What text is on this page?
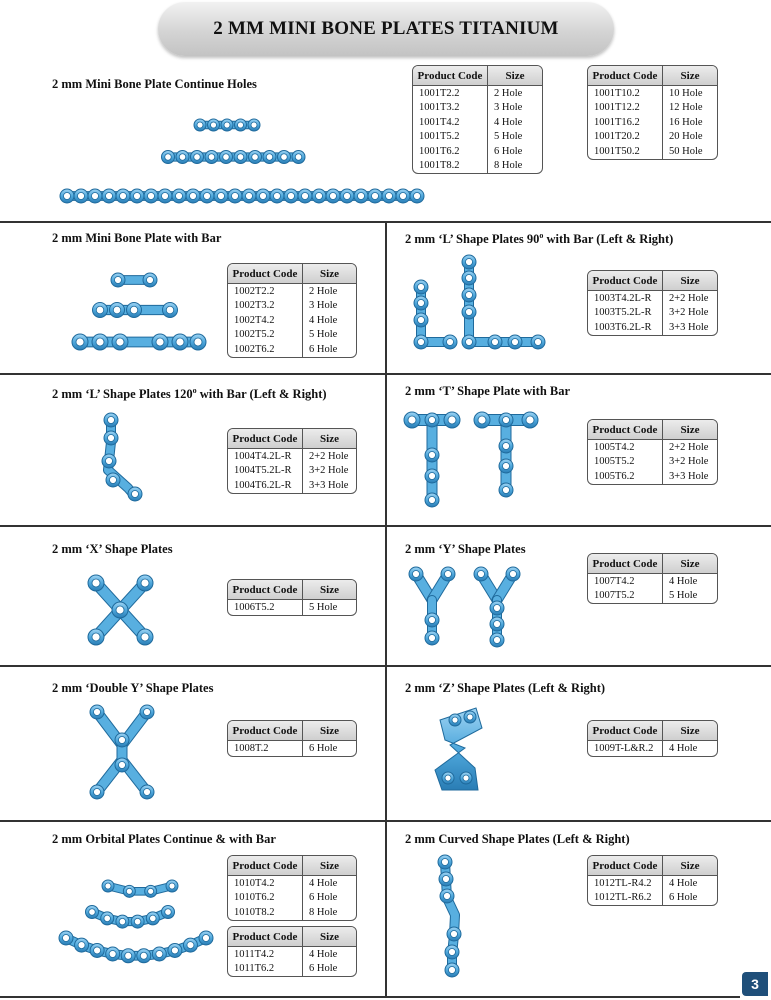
2 MM MINI BONE PLATES TITANIUM
2 mm Mini Bone Plate Continue Holes
2 mm Mini Bone Plate with Bar	2 mm ‘L’ Shape Plates 90$^o$ with Bar (Left & Right)
2 mm ‘L’ Shape Plates 120$^o$ with Bar (Left & Right)	2 mm ‘T’ Shape Plate with Bar
2 mm ‘X’ Shape Plates	2 mm ‘Y’ Shape Plates
2 mm ‘Double Y’ Shape Plates	2 mm ‘Z’ Shape Plates (Left & Right)
2 mm Orbital Plates Continue & with Bar	2 mm Curved Shape Plates (Left & Right)
Product Code	Size
1001T2.2	2 Hole
1001T3.2	3 Hole
1001T4.2	4 Hole
1001T5.2	5 Hole
1001T6.2	6 Hole
1001T8.2	8 Hole
Product Code	Size
1001T10.2	10 Hole
1001T12.2	12 Hole
1001T16.2	16 Hole
1001T20.2	20 Hole
1001T50.2	50 Hole
Product Code	Size
1002T2.2	2 Hole
1002T3.2	3 Hole
1002T4.2	4 Hole
1002T5.2	5 Hole
1002T6.2	6 Hole
Product Code	Size
1003T4.2L-R	2+2 Hole
1003T5.2L-R	3+2 Hole
1003T6.2L-R	3+3 Hole
Product Code	Size
1004T4.2L-R	2+2 Hole
1004T5.2L-R	3+2 Hole
1004T6.2L-R	3+3 Hole
Product Code	Size
1005T4.2	2+2 Hole
1005T5.2	3+2 Hole
1005T6.2	3+3 Hole
Product Code	Size
1006T5.2	5 Hole
Product Code	Size
1007T4.2	4 Hole
1007T5.2	5 Hole
Product Code	Size
1008T.2	6 Hole
Product Code	Size
1009T-L&R.2	4 Hole
Product Code	Size
1010T4.2	4 Hole
1010T6.2	6 Hole
1010T8.2	8 Hole
Product Code	Size
1011T4.2	4 Hole
1011T6.2	6 Hole
Product Code	Size
1012TL-R4.2	4 Hole
1012TL-R6.2	6 Hole
3
